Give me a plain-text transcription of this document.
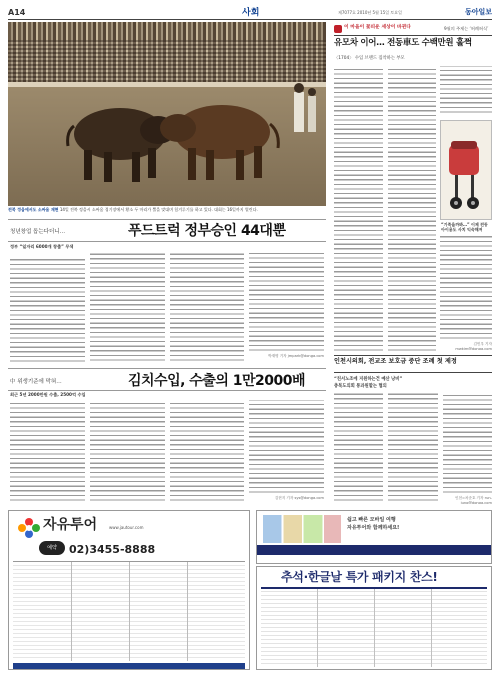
A14	사회	제7077호 2010년 5월 15일 토요일	동아일보
전북 정읍에서도 소싸움 재현 14일 전북 정읍시 소싸움 경기장에서 황소 두 마리가 뿔을 맞대며 힘겨루기를 하고 있다. 대회는 16일까지 열린다.
청년창업 돕는다더니…	푸드트럭 정부승인 44대뿐
정부 “일자리 6000개 창출” 무색

박재명 기자 jmpark@donga.com
中 위생기준에 막혀…	김치수입, 수출의 1만2000배
최근 5년 2000만원 수출, 2500억 수입
김현지 기자 sys@donga.com
이 마을이 꽃피운 세상이 바뀐다	9월의 주제는 ‘허례허식’
유모차 이어… 전동車도 수백만원 훌쩍
〈1704〉 수입 브랜드 집착하는 부모
“기죽을까봐…” 이제 전동
아이용도 사치 익숙해져
김민우 기자 mwkim@donga.com
인천시의회, 전교조 보호금 중단 조례 첫 제정
“친서노조에 지원하는건 예산 낭비”
충북도의회 통과원할는 협의
인천=차준호 기자 run-juno@donga.com
자유투어	www.jautour.com
예약	02)3455-8888
쉽고 빠른 모바일 여행
자유투어와 함께하세요!
추석·한글날 특가 패키지 찬스!
